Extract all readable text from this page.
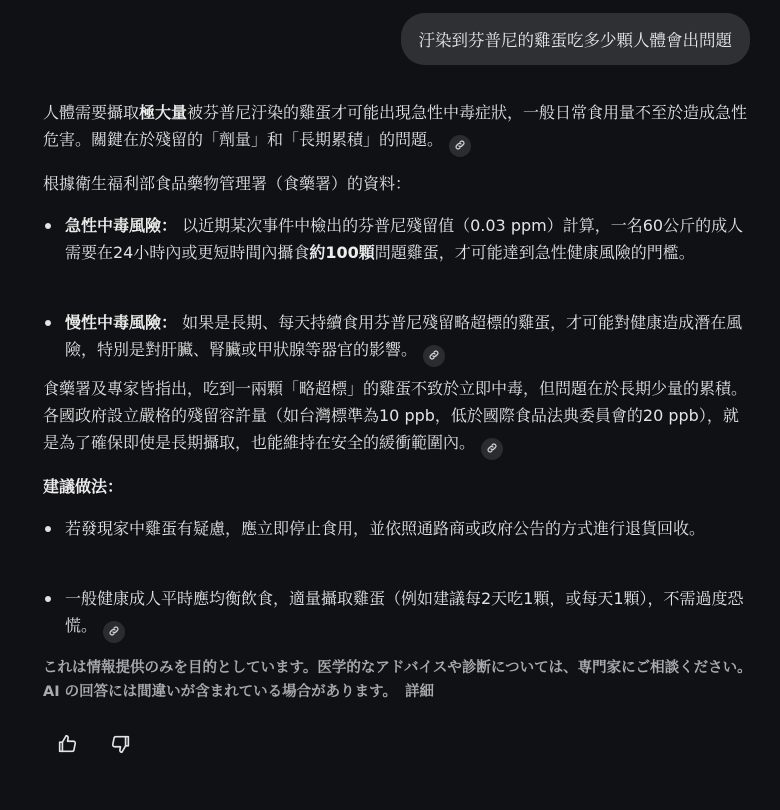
汙染到芬普尼的雞蛋吃多少顆人體會出問題

人體需要攝取極大量被芬普尼汙染的雞蛋才可能出現急性中毒症狀，一般日常食用量不至於造成急性危害。關鍵在於殘留的「劑量」和「長期累積」的問題。

根據衛生福利部食品藥物管理署（食藥署）的資料：

急性中毒風險： 以近期某次事件中檢出的芬普尼殘留值（0.03 ppm）計算，一名60公斤的成人需要在24小時內或更短時間內攝食約100顆問題雞蛋，才可能達到急性健康風險的門檻。
慢性中毒風險： 如果是長期、每天持續食用芬普尼殘留略超標的雞蛋，才可能對健康造成潛在風險，特別是對肝臟、腎臟或甲狀腺等器官的影響。

食藥署及專家皆指出，吃到一兩顆「略超標」的雞蛋不致於立即中毒，但問題在於長期少量的累積。各國政府設立嚴格的殘留容許量（如台灣標準為10 ppb，低於國際食品法典委員會的20 ppb），就是為了確保即使是長期攝取，也能維持在安全的緩衝範圍內。

建議做法：

若發現家中雞蛋有疑慮，應立即停止食用，並依照通路商或政府公告的方式進行退貨回收。
一般健康成人平時應均衡飲食，適量攝取雞蛋（例如建議每2天吃1顆，或每天1顆），不需過度恐慌。
これは情報提供のみを目的としています。医学的なアドバイスや診断については、専門家にご相談ください。AI の回答には間違いが含まれている場合があります。 詳細
